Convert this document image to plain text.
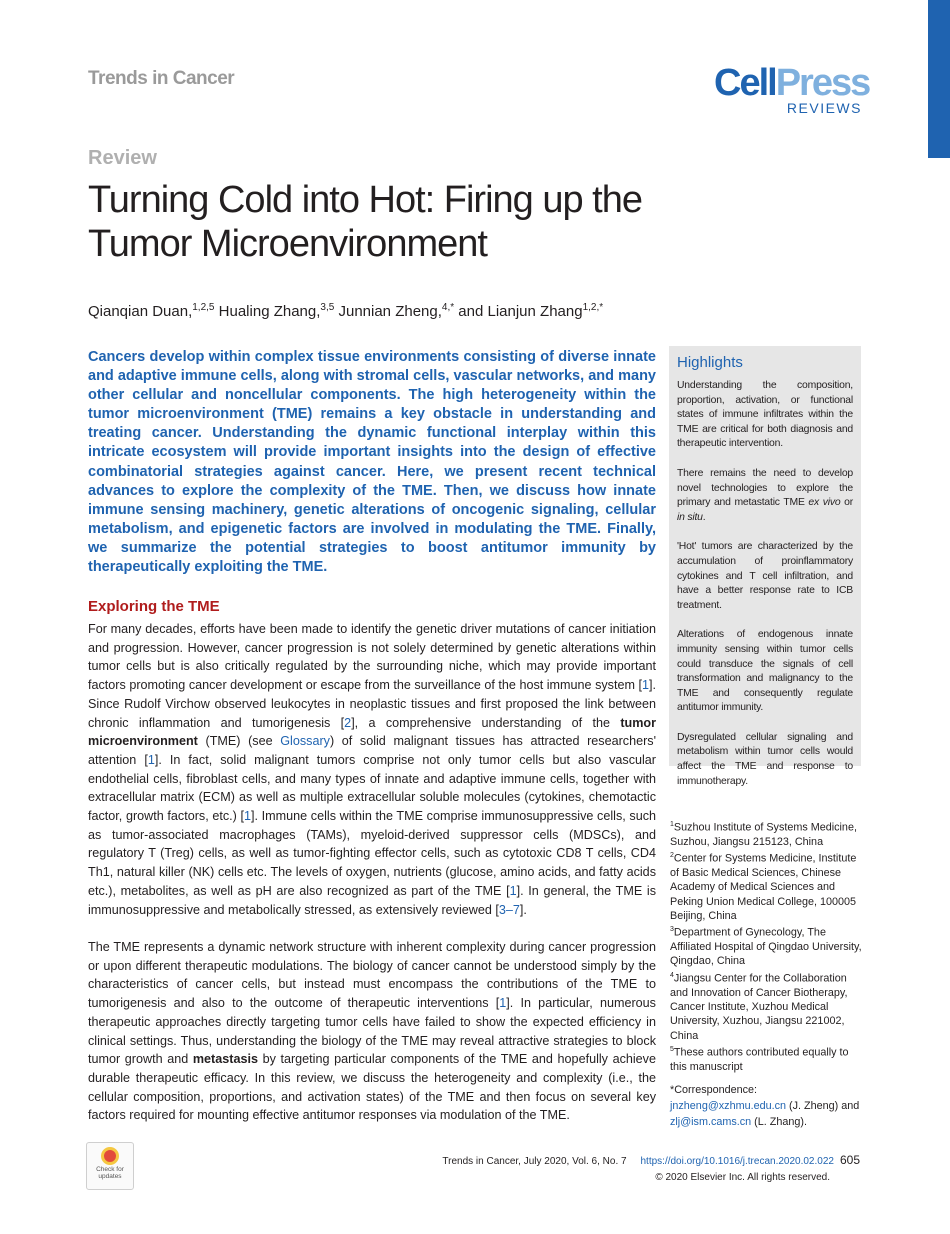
Trends in Cancer	CellPress
REVIEWS
Review
Turning Cold into Hot: Firing up the Tumor Microenvironment
Qianqian Duan,$^{1,2,5}$ Hualing Zhang,$^{3,5}$ Junnian Zheng,$^{4,*}$ and Lianjun Zhang$^{1,2,*}$
Cancers develop within complex tissue environments consisting of diverse innate and adaptive immune cells, along with stromal cells, vascular networks, and many other cellular and noncellular components. The high heterogeneity within the tumor microenvironment (TME) remains a key obstacle in understanding and treating cancer. Understanding the dynamic functional interplay within this intricate ecosystem will provide important insights into the design of effective combinatorial strategies against cancer. Here, we present recent technical advances to explore the complexity of the TME. Then, we discuss how innate immune sensing machinery, genetic alterations of oncogenic signaling, cellular metabolism, and epigenetic factors are involved in modulating the TME. Finally, we summarize the potential strategies to boost antitumor immunity by therapeutically exploiting the TME.
Exploring the TME
For many decades, efforts have been made to identify the genetic driver mutations of cancer initiation and progression. However, cancer progression is not solely determined by genetic alterations within tumor cells but is also critically regulated by the surrounding niche, which may provide important factors promoting cancer development or escape from the surveillance of the host immune system [1]. Since Rudolf Virchow observed leukocytes in neoplastic tissues and first proposed the link between chronic inflammation and tumorigenesis [2], a comprehensive understanding of the tumor microenvironment (TME) (see Glossary) of solid malignant tissues has attracted researchers' attention [1]. In fact, solid malignant tumors comprise not only tumor cells but also vascular endothelial cells, fibroblast cells, and many types of innate and adaptive immune cells, together with extracellular matrix (ECM) as well as multiple extracellular soluble molecules (cytokines, chemotactic factor, growth factors, etc.) [1]. Immune cells within the TME comprise immunosuppressive cells, such as tumor-associated macrophages (TAMs), myeloid-derived suppressor cells (MDSCs), and regulatory T (Treg) cells, as well as tumor-fighting effector cells, such as cytotoxic CD8 T cells, CD4 Th1, natural killer (NK) cells etc. The levels of oxygen, nutrients (glucose, amino acids, and fatty acids etc.), metabolites, as well as pH are also recognized as part of the TME [1]. In general, the TME is immunosuppressive and metabolically stressed, as extensively reviewed [3–7].
The TME represents a dynamic network structure with inherent complexity during cancer progression or upon different therapeutic modulations. The biology of cancer cannot be understood simply by the characteristics of cancer cells, but instead must encompass the contributions of the TME to tumorigenesis and also to the outcome of therapeutic interventions [1]. In particular, numerous therapeutic approaches directly targeting tumor cells have failed to show the expected efficiency in clinical settings. Thus, understanding the biology of the TME may reveal attractive strategies to block tumor growth and metastasis by targeting particular components of the TME and hopefully achieve durable therapeutic efficacy. In this review, we discuss the heterogeneity and complexity (i.e., the cellular composition, proportions, and activation states) of the TME and then focus on several key factors required for mounting effective antitumor responses via modulation of the TME.
Highlights
Understanding the composition, proportion, activation, or functional states of immune infiltrates within the TME are critical for both diagnosis and therapeutic intervention.
There remains the need to develop novel technologies to explore the primary and metastatic TME ex vivo or in situ.
'Hot' tumors are characterized by the accumulation of proinflammatory cytokines and T cell infiltration, and have a better response rate to ICB treatment.
Alterations of endogenous innate immunity sensing within tumor cells could transduce the signals of cell transformation and malignancy to the TME and consequently regulate antitumor immunity.
Dysregulated cellular signaling and metabolism within tumor cells would affect the TME and response to immunotherapy.
$^1$Suzhou Institute of Systems Medicine, Suzhou, Jiangsu 215123, China
$^2$Center for Systems Medicine, Institute of Basic Medical Sciences, Chinese Academy of Medical Sciences and Peking Union Medical College, 100005 Beijing, China
$^3$Department of Gynecology, The Affiliated Hospital of Qingdao University, Qingdao, China
$^4$Jiangsu Center for the Collaboration and Innovation of Cancer Biotherapy, Cancer Institute, Xuzhou Medical University, Xuzhou, Jiangsu 221002, China
$^5$These authors contributed equally to this manuscript
*Correspondence:
jnzheng@xzhmu.edu.cn (J. Zheng) and
zlj@ism.cams.cn (L. Zhang).
Check for
updates
Trends in Cancer, July 2020, Vol. 6, No. 7 https://doi.org/10.1016/j.trecan.2020.02.022 605
© 2020 Elsevier Inc. All rights reserved.
